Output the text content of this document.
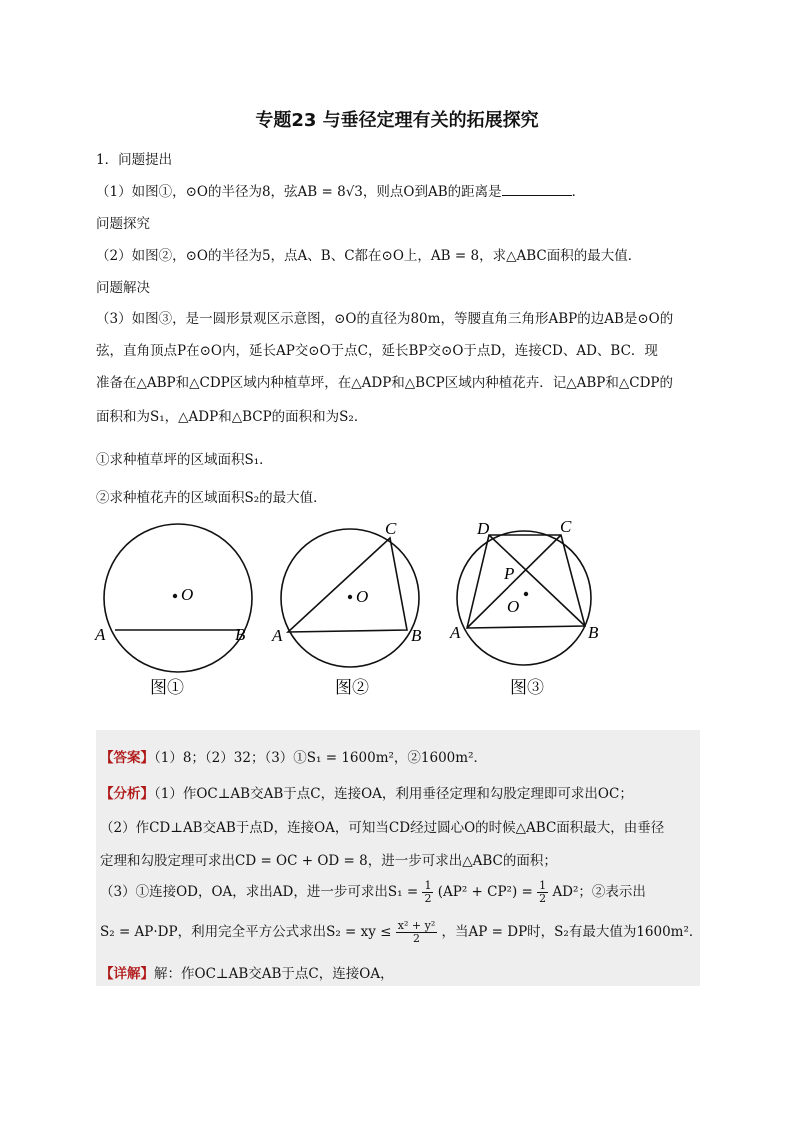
专题23 与垂径定理有关的拓展探究
1．问题提出
（1）如图①，⊙O的半径为8，弦AB = 8√3，则点O到AB的距离是	．
问题探究
（2）如图②，⊙O的半径为5，点A、B、C都在⊙O上，AB = 8，求△ABC面积的最大值．
问题解决
（3）如图③，是一圆形景观区示意图，⊙O的直径为80m，等腰直角三角形ABP的边AB是⊙O的
弦，直角顶点P在⊙O内，延长AP交⊙O于点C，延长BP交⊙O于点D，连接CD、AD、BC．现
准备在△ABP和△CDP区域内种植草坪，在△ADP和△BCP区域内种植花卉．记△ABP和△CDP的
面积和为S₁，△ADP和△BCP的面积和为S₂．
①求种植草坪的区域面积S₁．
②求种植花卉的区域面积S₂的最大值．
O
A	B
图①
O
A	B
C
图②
O
P
A	B
C
D
图③
【答案】（1）8；（2）32；（3）①S₁ = 1600m²，②1600m²．
【分析】（1）作OC⊥AB交AB于点C，连接OA，利用垂径定理和勾股定理即可求出OC；
（2）作CD⊥AB交AB于点D，连接OA，可知当CD经过圆心O的时候△ABC面积最大，由垂径
定理和勾股定理可求出CD = OC + OD = 8，进一步可求出△ABC的面积；
（3）①连接OD，OA，求出AD，进一步可求出$S_1 = \frac{1}{2} (AP^2 + CP^2) = \frac{1}{2} AD^2$；②表示出
S₂ = AP·DP，利用完全平方公式求出S₂ = xy ≤ $\frac{\text{x² + y²}}{2}$ ，当AP = DP时，S₂有最大值为1600m²．
【详解】解：作OC⊥AB交AB于点C，连接OA，
